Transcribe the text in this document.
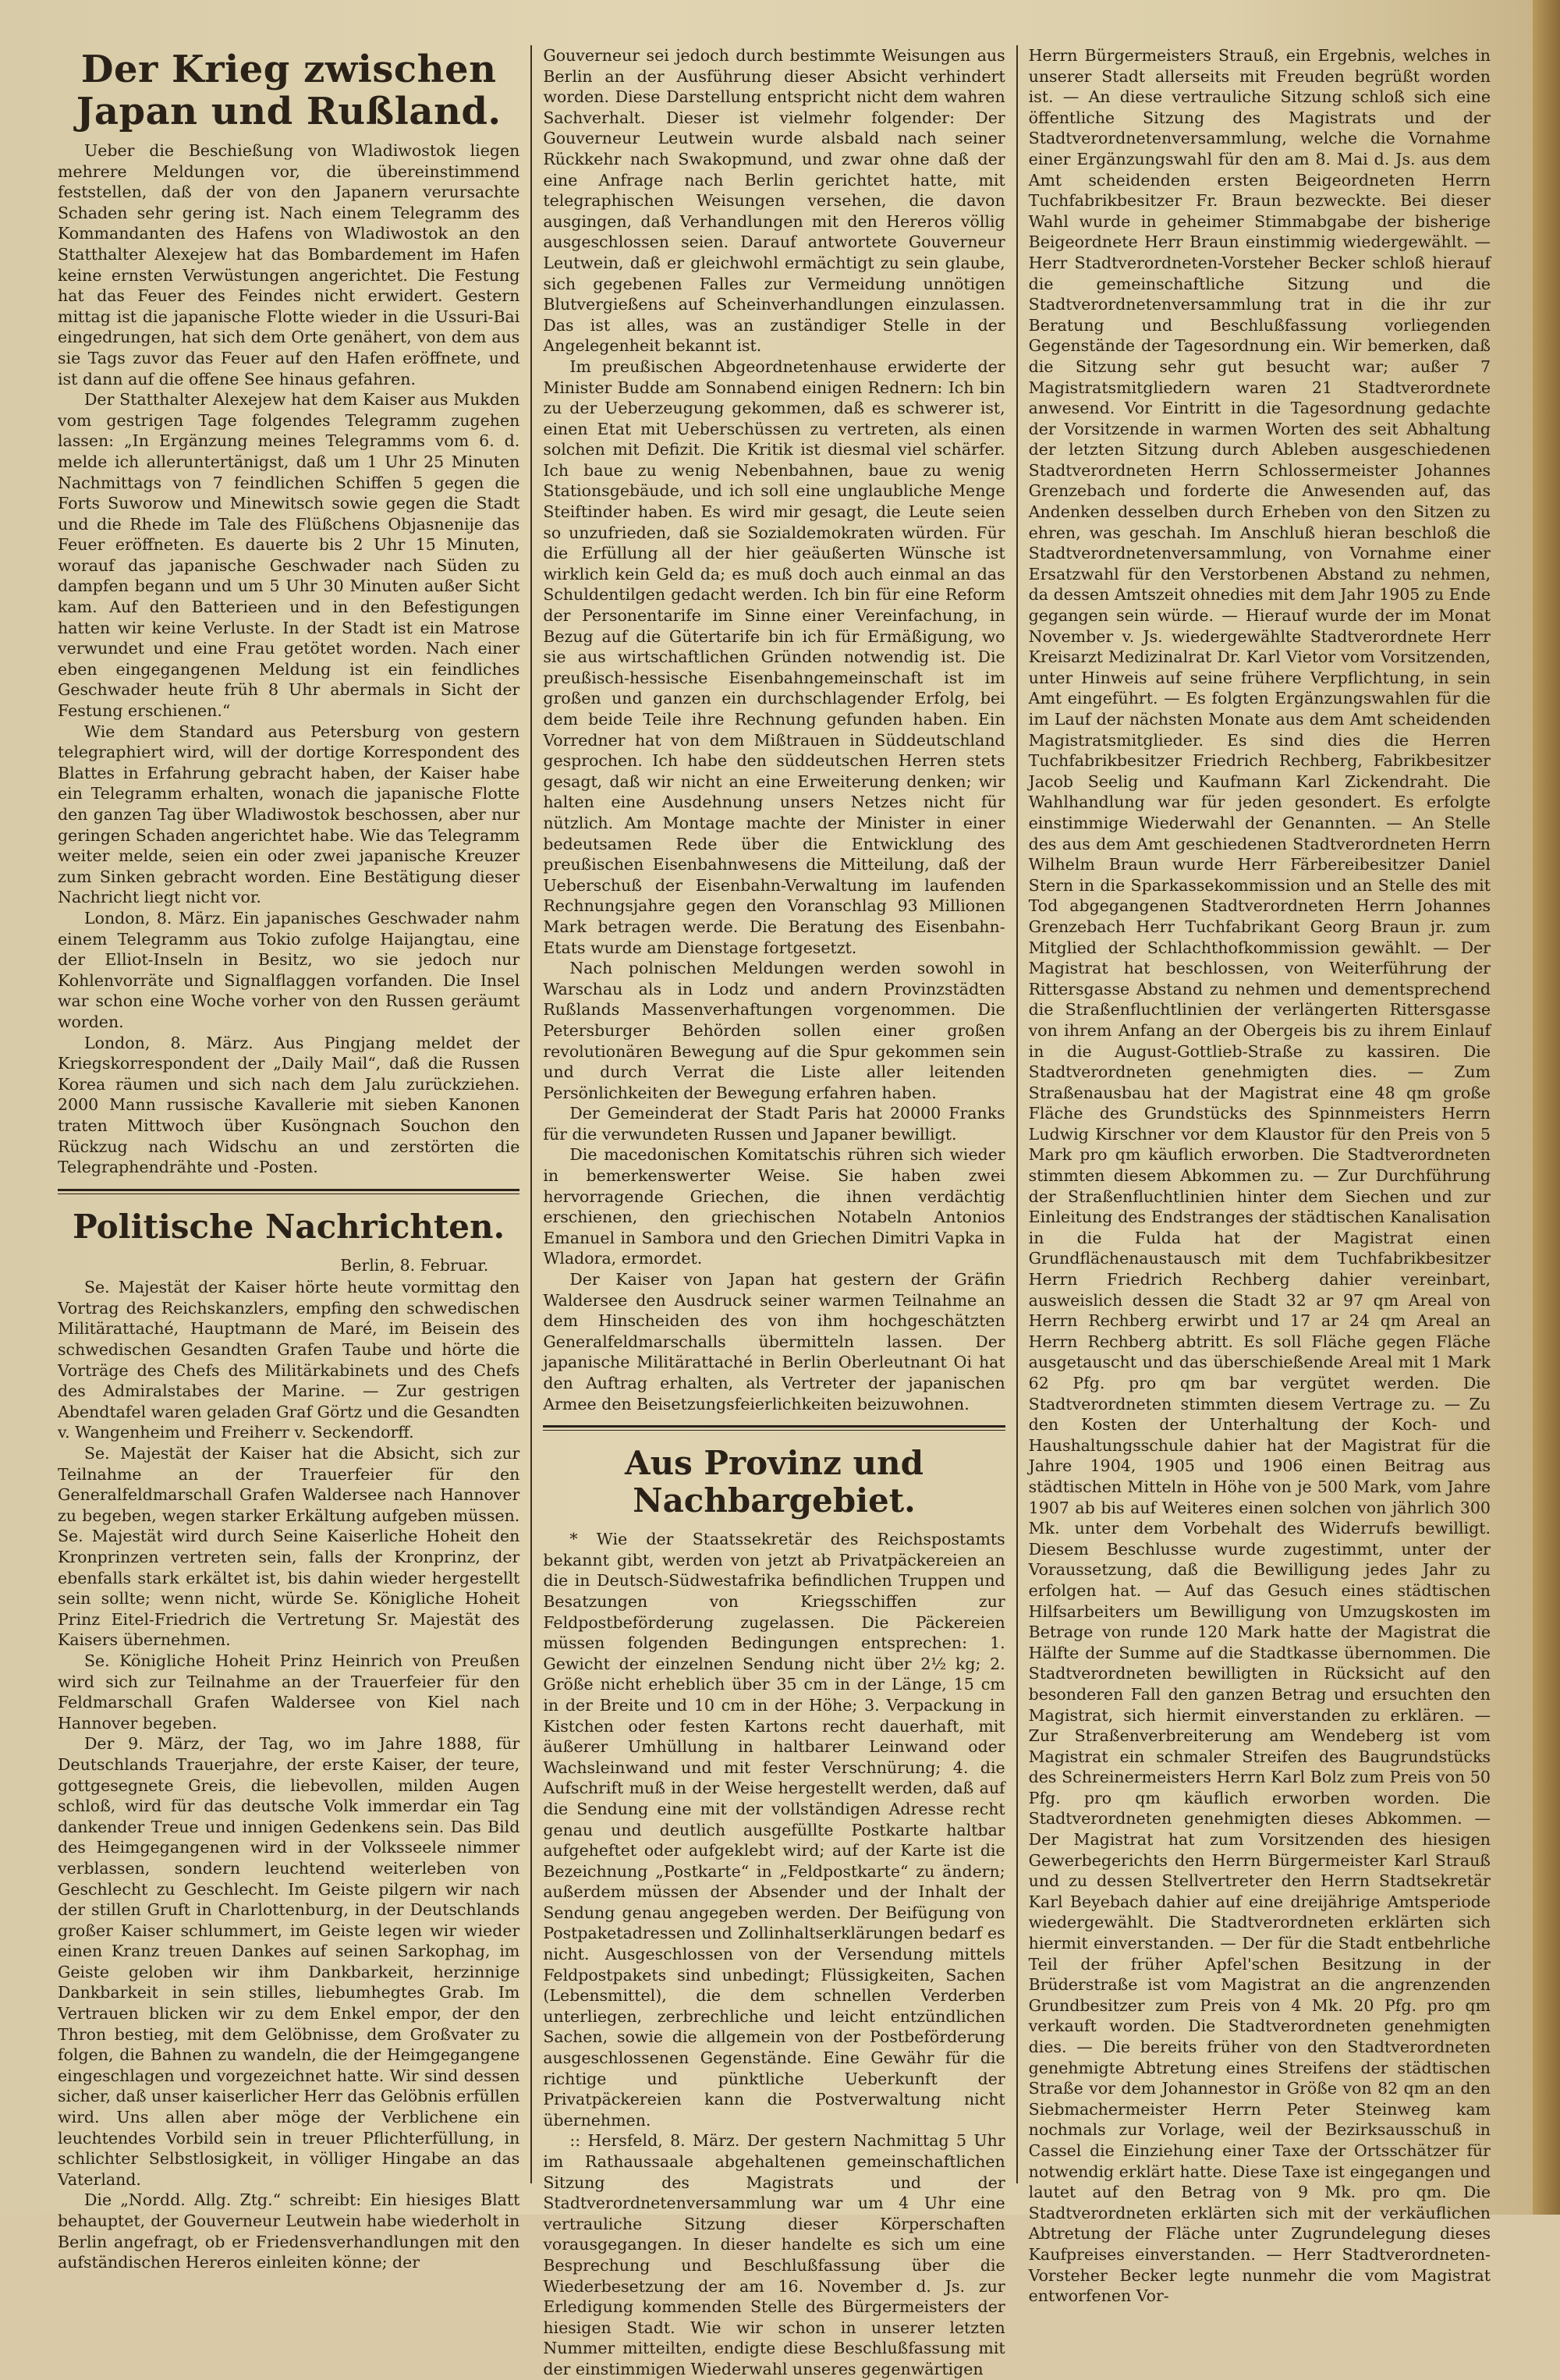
Der Krieg zwischen Japan und Rußland.

Ueber die Beschießung von Wladiwostok liegen mehrere Meldungen vor, die übereinstimmend feststellen, daß der von den Japanern verursachte Schaden sehr gering ist. Nach einem Telegramm des Kommandanten des Hafens von Wladiwostok an den Statthalter Alexejew hat das Bombardement im Hafen keine ernsten Verwüstungen angerichtet. Die Festung hat das Feuer des Feindes nicht erwidert. Gestern mittag ist die japanische Flotte wieder in die Ussuri-Bai eingedrungen, hat sich dem Orte genähert, von dem aus sie Tags zuvor das Feuer auf den Hafen eröffnete, und ist dann auf die offene See hinaus gefahren.

Der Statthalter Alexejew hat dem Kaiser aus Mukden vom gestrigen Tage folgendes Telegramm zugehen lassen: „In Ergänzung meines Telegramms vom 6. d. melde ich alleruntertänigst, daß um 1 Uhr 25 Minuten Nachmittags von 7 feindlichen Schiffen 5 gegen die Forts Suworow und Minewitsch sowie gegen die Stadt und die Rhede im Tale des Flüßchens Objasnenije das Feuer eröffneten. Es dauerte bis 2 Uhr 15 Minuten, worauf das japanische Geschwader nach Süden zu dampfen begann und um 5 Uhr 30 Minuten außer Sicht kam. Auf den Batterieen und in den Befestigungen hatten wir keine Verluste. In der Stadt ist ein Matrose verwundet und eine Frau getötet worden. Nach einer eben eingegangenen Meldung ist ein feindliches Geschwader heute früh 8 Uhr abermals in Sicht der Festung erschienen.“

Wie dem Standard aus Petersburg von gestern telegraphiert wird, will der dortige Korrespondent des Blattes in Erfahrung gebracht haben, der Kaiser habe ein Telegramm erhalten, wonach die japanische Flotte den ganzen Tag über Wladiwostok beschossen, aber nur geringen Schaden angerichtet habe. Wie das Telegramm weiter melde, seien ein oder zwei japanische Kreuzer zum Sinken gebracht worden. Eine Bestätigung dieser Nachricht liegt nicht vor.

London, 8. März. Ein japanisches Geschwader nahm einem Telegramm aus Tokio zufolge Haijangtau, eine der Elliot-Inseln in Besitz, wo sie jedoch nur Kohlenvorräte und Signalflaggen vorfanden. Die Insel war schon eine Woche vorher von den Russen geräumt worden.

London, 8. März. Aus Pingjang meldet der Kriegskorrespondent der „Daily Mail“, daß die Russen Korea räumen und sich nach dem Jalu zurückziehen. 2000 Mann russische Kavallerie mit sieben Kanonen traten Mittwoch über Kusöngnach Souchon den Rückzug nach Widschu an und zerstörten die Telegraphendrähte und -Posten.

Politische Nachrichten.
Berlin, 8. Februar.

Se. Majestät der Kaiser hörte heute vormittag den Vortrag des Reichskanzlers, empfing den schwedischen Militärattaché, Hauptmann de Maré, im Beisein des schwedischen Gesandten Grafen Taube und hörte die Vorträge des Chefs des Militärkabinets und des Chefs des Admiralstabes der Marine. — Zur gestrigen Abendtafel waren geladen Graf Görtz und die Gesandten v. Wangenheim und Freiherr v. Seckendorff.

Se. Majestät der Kaiser hat die Absicht, sich zur Teilnahme an der Trauerfeier für den Generalfeldmarschall Grafen Waldersee nach Hannover zu begeben, wegen starker Erkältung aufgeben müssen. Se. Majestät wird durch Seine Kaiserliche Hoheit den Kronprinzen vertreten sein, falls der Kronprinz, der ebenfalls stark erkältet ist, bis dahin wieder hergestellt sein sollte; wenn nicht, würde Se. Königliche Hoheit Prinz Eitel-Friedrich die Vertretung Sr. Majestät des Kaisers übernehmen.

Se. Königliche Hoheit Prinz Heinrich von Preußen wird sich zur Teilnahme an der Trauerfeier für den Feldmarschall Grafen Waldersee von Kiel nach Hannover begeben.

Der 9. März, der Tag, wo im Jahre 1888, für Deutschlands Trauerjahre, der erste Kaiser, der teure, gottgesegnete Greis, die liebevollen, milden Augen schloß, wird für das deutsche Volk immerdar ein Tag dankender Treue und innigen Gedenkens sein. Das Bild des Heimgegangenen wird in der Volksseele nimmer verblassen, sondern leuchtend weiterleben von Geschlecht zu Geschlecht. Im Geiste pilgern wir nach der stillen Gruft in Charlottenburg, in der Deutschlands großer Kaiser schlummert, im Geiste legen wir wieder einen Kranz treuen Dankes auf seinen Sarkophag, im Geiste geloben wir ihm Dankbarkeit, herzinnige Dankbarkeit in sein stilles, liebumhegtes Grab. Im Vertrauen blicken wir zu dem Enkel empor, der den Thron bestieg, mit dem Gelöbnisse, dem Großvater zu folgen, die Bahnen zu wandeln, die der Heimgegangene eingeschlagen und vorgezeichnet hatte. Wir sind dessen sicher, daß unser kaiserlicher Herr das Gelöbnis erfüllen wird. Uns allen aber möge der Verblichene ein leuchtendes Vorbild sein in treuer Pflichterfüllung, in schlichter Selbstlosigkeit, in völliger Hingabe an das Vaterland.

Die „Nordd. Allg. Ztg.“ schreibt: Ein hiesiges Blatt behauptet, der Gouverneur Leutwein habe wiederholt in Berlin angefragt, ob er Friedensverhandlungen mit den aufständischen Hereros einleiten könne; der

Gouverneur sei jedoch durch bestimmte Weisungen aus Berlin an der Ausführung dieser Absicht verhindert worden. Diese Darstellung entspricht nicht dem wahren Sachverhalt. Dieser ist vielmehr folgender: Der Gouverneur Leutwein wurde alsbald nach seiner Rückkehr nach Swakopmund, und zwar ohne daß der eine Anfrage nach Berlin gerichtet hatte, mit telegraphischen Weisungen versehen, die davon ausgingen, daß Verhandlungen mit den Hereros völlig ausgeschlossen seien. Darauf antwortete Gouverneur Leutwein, daß er gleichwohl ermächtigt zu sein glaube, sich gegebenen Falles zur Vermeidung unnötigen Blutvergießens auf Scheinverhandlungen einzulassen. Das ist alles, was an zuständiger Stelle in der Angelegenheit bekannt ist.

Im preußischen Abgeordnetenhause erwiderte der Minister Budde am Sonnabend einigen Rednern: Ich bin zu der Ueberzeugung gekommen, daß es schwerer ist, einen Etat mit Ueberschüssen zu vertreten, als einen solchen mit Defizit. Die Kritik ist diesmal viel schärfer. Ich baue zu wenig Nebenbahnen, baue zu wenig Stationsgebäude, und ich soll eine unglaubliche Menge Steiftinder haben. Es wird mir gesagt, die Leute seien so unzufrieden, daß sie Sozialdemokraten würden. Für die Erfüllung all der hier geäußerten Wünsche ist wirklich kein Geld da; es muß doch auch einmal an das Schuldentilgen gedacht werden. Ich bin für eine Reform der Personentarife im Sinne einer Vereinfachung, in Bezug auf die Gütertarife bin ich für Ermäßigung, wo sie aus wirtschaftlichen Gründen notwendig ist. Die preußisch-hessische Eisenbahngemeinschaft ist im großen und ganzen ein durchschlagender Erfolg, bei dem beide Teile ihre Rechnung gefunden haben. Ein Vorredner hat von dem Mißtrauen in Süddeutschland gesprochen. Ich habe den süddeutschen Herren stets gesagt, daß wir nicht an eine Erweiterung denken; wir halten eine Ausdehnung unsers Netzes nicht für nützlich. Am Montage machte der Minister in einer bedeutsamen Rede über die Entwicklung des preußischen Eisenbahnwesens die Mitteilung, daß der Ueberschuß der Eisenbahn-Verwaltung im laufenden Rechnungsjahre gegen den Voranschlag 93 Millionen Mark betragen werde. Die Beratung des Eisenbahn-Etats wurde am Dienstage fortgesetzt.

Nach polnischen Meldungen werden sowohl in Warschau als in Lodz und andern Provinzstädten Rußlands Massenverhaftungen vorgenommen. Die Petersburger Behörden sollen einer großen revolutionären Bewegung auf die Spur gekommen sein und durch Verrat die Liste aller leitenden Persönlichkeiten der Bewegung erfahren haben.

Der Gemeinderat der Stadt Paris hat 20000 Franks für die verwundeten Russen und Japaner bewilligt.

Die macedonischen Komitatschis rühren sich wieder in bemerkenswerter Weise. Sie haben zwei hervorragende Griechen, die ihnen verdächtig erschienen, den griechischen Notabeln Antonios Emanuel in Sambora und den Griechen Dimitri Vapka in Wladora, ermordet.

Der Kaiser von Japan hat gestern der Gräfin Waldersee den Ausdruck seiner warmen Teilnahme an dem Hinscheiden des von ihm hochgeschätzten Generalfeldmarschalls übermitteln lassen. Der japanische Militärattaché in Berlin Oberleutnant Oi hat den Auftrag erhalten, als Vertreter der japanischen Armee den Beisetzungsfeierlichkeiten beizuwohnen.

Aus Provinz und Nachbargebiet.

* Wie der Staatssekretär des Reichspostamts bekannt gibt, werden von jetzt ab Privatpäckereien an die in Deutsch-Südwestafrika befindlichen Truppen und Besatzungen von Kriegsschiffen zur Feldpostbeförderung zugelassen. Die Päckereien müssen folgenden Bedingungen entsprechen: 1. Gewicht der einzelnen Sendung nicht über 2½ kg; 2. Größe nicht erheblich über 35 cm in der Länge, 15 cm in der Breite und 10 cm in der Höhe; 3. Verpackung in Kistchen oder festen Kartons recht dauerhaft, mit äußerer Umhüllung in haltbarer Leinwand oder Wachsleinwand und mit fester Verschnürung; 4. die Aufschrift muß in der Weise hergestellt werden, daß auf die Sendung eine mit der vollständigen Adresse recht genau und deutlich ausgefüllte Postkarte haltbar aufgeheftet oder aufgeklebt wird; auf der Karte ist die Bezeichnung „Postkarte“ in „Feldpostkarte“ zu ändern; außerdem müssen der Absender und der Inhalt der Sendung genau angegeben werden. Der Beifügung von Postpaketadressen und Zollinhaltserklärungen bedarf es nicht. Ausgeschlossen von der Versendung mittels Feldpostpakets sind unbedingt; Flüssigkeiten, Sachen (Lebensmittel), die dem schnellen Verderben unterliegen, zerbrechliche und leicht entzündlichen Sachen, sowie die allgemein von der Postbeförderung ausgeschlossenen Gegenstände. Eine Gewähr für die richtige und pünktliche Ueberkunft der Privatpäckereien kann die Postverwaltung nicht übernehmen.

:: Hersfeld, 8. März. Der gestern Nachmittag 5 Uhr im Rathaussaale abgehaltenen gemeinschaftlichen Sitzung des Magistrats und der Stadtverordnetenversammlung war um 4 Uhr eine vertrauliche Sitzung dieser Körperschaften vorausgegangen. In dieser handelte es sich um eine Besprechung und Beschlußfassung über die Wiederbesetzung der am 16. November d. Js. zur Erledigung kommenden Stelle des Bürgermeisters der hiesigen Stadt. Wie wir schon in unserer letzten Nummer mitteilten, endigte diese Beschlußfassung mit der einstimmigen Wiederwahl unseres gegenwärtigen

Herrn Bürgermeisters Strauß, ein Ergebnis, welches in unserer Stadt allerseits mit Freuden begrüßt worden ist. — An diese vertrauliche Sitzung schloß sich eine öffentliche Sitzung des Magistrats und der Stadtverordnetenversammlung, welche die Vornahme einer Ergänzungswahl für den am 8. Mai d. Js. aus dem Amt scheidenden ersten Beigeordneten Herrn Tuchfabrikbesitzer Fr. Braun bezweckte. Bei dieser Wahl wurde in geheimer Stimmabgabe der bisherige Beigeordnete Herr Braun einstimmig wiedergewählt. — Herr Stadtverordneten-Vorsteher Becker schloß hierauf die gemeinschaftliche Sitzung und die Stadtverordnetenversammlung trat in die ihr zur Beratung und Beschlußfassung vorliegenden Gegenstände der Tagesordnung ein. Wir bemerken, daß die Sitzung sehr gut besucht war; außer 7 Magistratsmitgliedern waren 21 Stadtverordnete anwesend. Vor Eintritt in die Tagesordnung gedachte der Vorsitzende in warmen Worten des seit Abhaltung der letzten Sitzung durch Ableben ausgeschiedenen Stadtverordneten Herrn Schlossermeister Johannes Grenzebach und forderte die Anwesenden auf, das Andenken desselben durch Erheben von den Sitzen zu ehren, was geschah. Im Anschluß hieran beschloß die Stadtverordnetenversammlung, von Vornahme einer Ersatzwahl für den Verstorbenen Abstand zu nehmen, da dessen Amtszeit ohnedies mit dem Jahr 1905 zu Ende gegangen sein würde. — Hierauf wurde der im Monat November v. Js. wiedergewählte Stadtverordnete Herr Kreisarzt Medizinalrat Dr. Karl Vietor vom Vorsitzenden, unter Hinweis auf seine frühere Verpflichtung, in sein Amt eingeführt. — Es folgten Ergänzungswahlen für die im Lauf der nächsten Monate aus dem Amt scheidenden Magistratsmitglieder. Es sind dies die Herren Tuchfabrikbesitzer Friedrich Rechberg, Fabrikbesitzer Jacob Seelig und Kaufmann Karl Zickendraht. Die Wahlhandlung war für jeden gesondert. Es erfolgte einstimmige Wiederwahl der Genannten. — An Stelle des aus dem Amt geschiedenen Stadtverordneten Herrn Wilhelm Braun wurde Herr Färbereibesitzer Daniel Stern in die Sparkassekommission und an Stelle des mit Tod abgegangenen Stadtverordneten Herrn Johannes Grenzebach Herr Tuchfabrikant Georg Braun jr. zum Mitglied der Schlachthofkommission gewählt. — Der Magistrat hat beschlossen, von Weiterführung der Rittersgasse Abstand zu nehmen und dementsprechend die Straßenfluchtlinien der verlängerten Rittersgasse von ihrem Anfang an der Obergeis bis zu ihrem Einlauf in die August-Gottlieb-Straße zu kassiren. Die Stadtverordneten genehmigten dies. — Zum Straßenausbau hat der Magistrat eine 48 qm große Fläche des Grundstücks des Spinnmeisters Herrn Ludwig Kirschner vor dem Klaustor für den Preis von 5 Mark pro qm käuflich erworben. Die Stadtverordneten stimmten diesem Abkommen zu. — Zur Durchführung der Straßenfluchtlinien hinter dem Siechen und zur Einleitung des Endstranges der städtischen Kanalisation in die Fulda hat der Magistrat einen Grundflächenaustausch mit dem Tuchfabrikbesitzer Herrn Friedrich Rechberg dahier vereinbart, ausweislich dessen die Stadt 32 ar 97 qm Areal von Herrn Rechberg erwirbt und 17 ar 24 qm Areal an Herrn Rechberg abtritt. Es soll Fläche gegen Fläche ausgetauscht und das überschießende Areal mit 1 Mark 62 Pfg. pro qm bar vergütet werden. Die Stadtverordneten stimmten diesem Vertrage zu. — Zu den Kosten der Unterhaltung der Koch- und Haushaltungsschule dahier hat der Magistrat für die Jahre 1904, 1905 und 1906 einen Beitrag aus städtischen Mitteln in Höhe von je 500 Mark, vom Jahre 1907 ab bis auf Weiteres einen solchen von jährlich 300 Mk. unter dem Vorbehalt des Widerrufs bewilligt. Diesem Beschlusse wurde zugestimmt, unter der Voraussetzung, daß die Bewilligung jedes Jahr zu erfolgen hat. — Auf das Gesuch eines städtischen Hilfsarbeiters um Bewilligung von Umzugskosten im Betrage von runde 120 Mark hatte der Magistrat die Hälfte der Summe auf die Stadtkasse übernommen. Die Stadtverordneten bewilligten in Rücksicht auf den besonderen Fall den ganzen Betrag und ersuchten den Magistrat, sich hiermit einverstanden zu erklären. — Zur Straßenverbreiterung am Wendeberg ist vom Magistrat ein schmaler Streifen des Baugrundstücks des Schreinermeisters Herrn Karl Bolz zum Preis von 50 Pfg. pro qm käuflich erworben worden. Die Stadtverordneten genehmigten dieses Abkommen. — Der Magistrat hat zum Vorsitzenden des hiesigen Gewerbegerichts den Herrn Bürgermeister Karl Strauß und zu dessen Stellvertreter den Herrn Stadtsekretär Karl Beyebach dahier auf eine dreijährige Amtsperiode wiedergewählt. Die Stadtverordneten erklärten sich hiermit einverstanden. — Der für die Stadt entbehrliche Teil der früher Apfel'schen Besitzung in der Brüderstraße ist vom Magistrat an die angrenzenden Grundbesitzer zum Preis von 4 Mk. 20 Pfg. pro qm verkauft worden. Die Stadtverordneten genehmigten dies. — Die bereits früher von den Stadtverordneten genehmigte Abtretung eines Streifens der städtischen Straße vor dem Johannestor in Größe von 82 qm an den Siebmachermeister Herrn Peter Steinweg kam nochmals zur Vorlage, weil der Bezirksausschuß in Cassel die Einziehung einer Taxe der Ortsschätzer für notwendig erklärt hatte. Diese Taxe ist eingegangen und lautet auf den Betrag von 9 Mk. pro qm. Die Stadtverordneten erklärten sich mit der verkäuflichen Abtretung der Fläche unter Zugrundelegung dieses Kaufpreises einverstanden. — Herr Stadtverordneten-Vorsteher Becker legte nunmehr die vom Magistrat entworfenen Vor-
